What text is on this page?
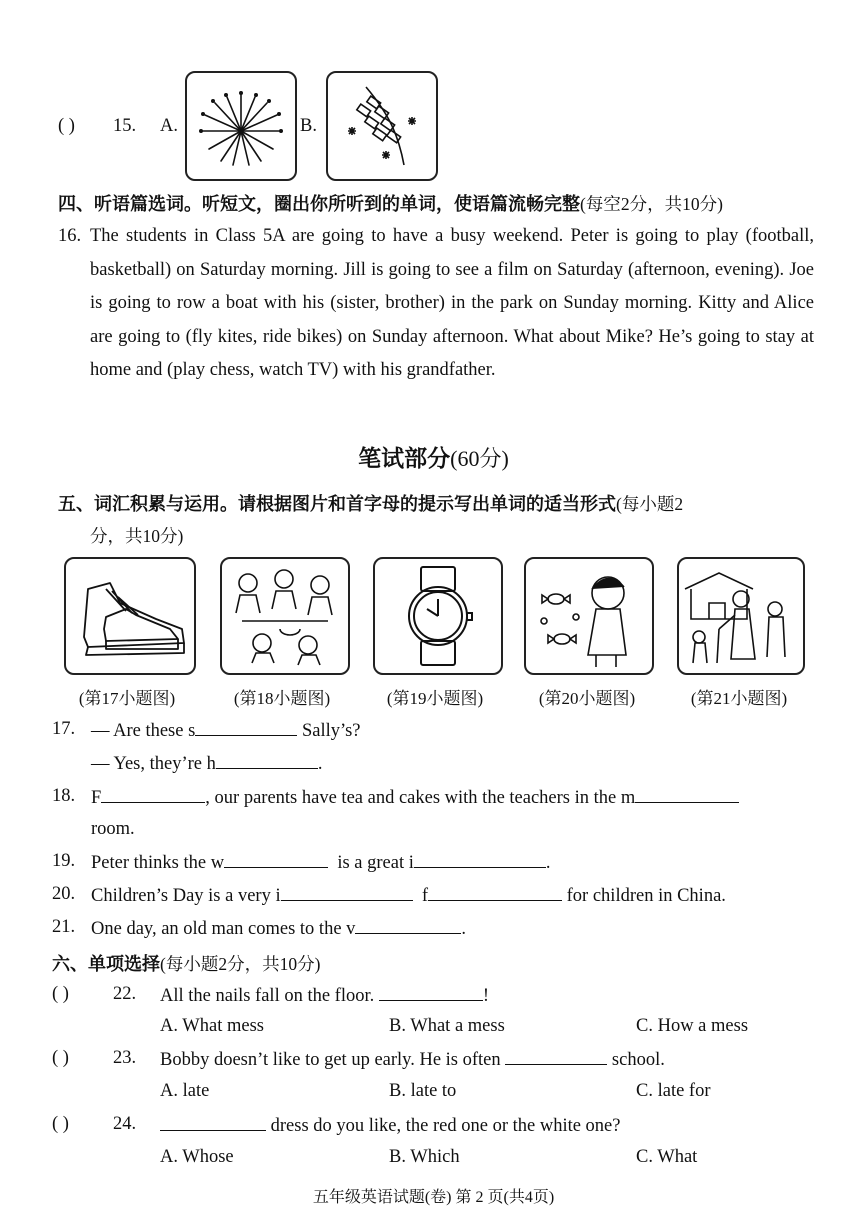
( ) 15. A.	B.
四、听语篇选词。听短文，圈出你所听到的单词，使语篇流畅完整(每空2分，共10分)
16. The students in Class 5A are going to have a busy weekend. Peter is going to play (football, basketball) on Saturday morning. Jill is going to see a film on Saturday (afternoon, evening). Joe is going to row a boat with his (sister, brother) in the park on Sunday morning. Kitty and Alice are going to (fly kites, ride bikes) on Sunday afternoon. What about Mike? He’s going to stay at home and (play chess, watch TV) with his grandfather.
笔试部分(60分)
五、词汇积累与运用。请根据图片和首字母的提示写出单词的适当形式(每小题2
分，共10分)
(第17小题图)	(第18小题图)	(第19小题图)	(第20小题图)	(第21小题图)
17. — Are these s	Sally’s?
— Yes, they’re h	.
18. F	, our parents have tea and cakes with the teachers in the m
room.
19. Peter thinks the w	is a great i	.
20. Children’s Day is a very i	f	for children in China.
21. One day, an old man comes to the v	.
六、单项选择(每小题2分，共10分)
( ) 22. All the nails fall on the floor.	!
A. What mess	B. What a mess	C. How a mess
( ) 23. Bobby doesn’t like to get up early. He is often	school.
A. late	B. late to	C. late for
( ) 24.	dress do you like, the red one or the white one?
A. Whose	B. Which	C. What
五年级英语试题(卷) 第 2 页(共4页)
